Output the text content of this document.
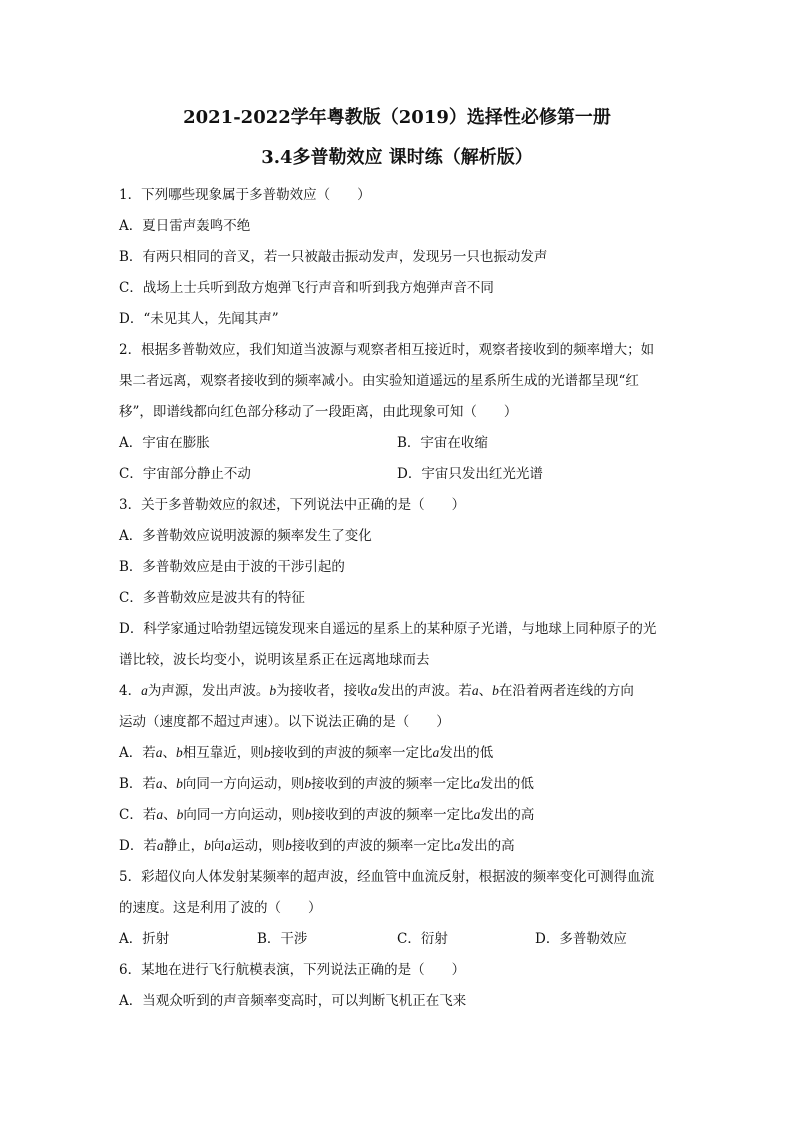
2021-2022学年粤教版（2019）选择性必修第一册
3.4多普勒效应 课时练（解析版）

1．下列哪些现象属于多普勒效应（　　）

A．夏日雷声轰鸣不绝

B．有两只相同的音叉，若一只被敲击振动发声，发现另一只也振动发声

C．战场上士兵听到敌方炮弹飞行声音和听到我方炮弹声音不同

D．“未见其人，先闻其声”

2．根据多普勒效应，我们知道当波源与观察者相互接近时，观察者接收到的频率增大；如

果二者远离，观察者接收到的频率减小。由实验知道遥远的星系所生成的光谱都呈现“红

移”，即谱线都向红色部分移动了一段距离，由此现象可知（　　）

A．宇宙在膨胀	B．宇宙在收缩
C．宇宙部分静止不动	D．宇宙只发出红光光谱

3．关于多普勒效应的叙述，下列说法中正确的是（　　）

A．多普勒效应说明波源的频率发生了变化

B．多普勒效应是由于波的干涉引起的

C．多普勒效应是波共有的特征

D．科学家通过哈勃望远镜发现来自遥远的星系上的某种原子光谱，与地球上同种原子的光

谱比较，波长均变小，说明该星系正在远离地球而去

4．a为声源，发出声波。b为接收者，接收a发出的声波。若a、b在沿着两者连线的方向

运动（速度都不超过声速）。以下说法正确的是（　　）

A．若a、b相互靠近，则b接收到的声波的频率一定比a发出的低

B．若a、b向同一方向运动，则b接收到的声波的频率一定比a发出的低

C．若a、b向同一方向运动，则b接收到的声波的频率一定比a发出的高

D．若a静止，b向a运动，则b接收到的声波的频率一定比a发出的高

5．彩超仪向人体发射某频率的超声波，经血管中血流反射，根据波的频率变化可测得血流

的速度。这是利用了波的（　　）

A．折射	B．干涉	C．衍射	D．多普勒效应

6．某地在进行飞行航模表演，下列说法正确的是（　　）

A．当观众听到的声音频率变高时，可以判断飞机正在飞来
